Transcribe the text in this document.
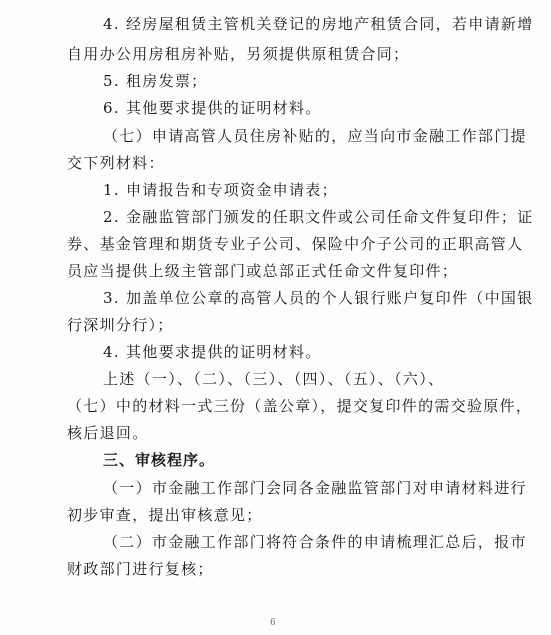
4. 经房屋租赁主管机关登记的房地产租赁合同，若申请新增
自用办公用房租房补贴，另须提供原租赁合同；
5. 租房发票；
6. 其他要求提供的证明材料。
（七）申请高管人员住房补贴的，应当向市金融工作部门提
交下列材料：
1. 申请报告和专项资金申请表；
2. 金融监管部门颁发的任职文件或公司任命文件复印件；证
券、基金管理和期货专业子公司、保险中介子公司的正职高管人
员应当提供上级主管部门或总部正式任命文件复印件；
3. 加盖单位公章的高管人员的个人银行账户复印件（中国银
行深圳分行）；
4. 其他要求提供的证明材料。
上述（一）、（二）、（三）、（四）、（五）、（六）、
（七）中的材料一式三份（盖公章），提交复印件的需交验原件，
核后退回。
三、审核程序。
（一）市金融工作部门会同各金融监管部门对申请材料进行
初步审查，提出审核意见；
（二）市金融工作部门将符合条件的申请梳理汇总后，报市
财政部门进行复核；
6
